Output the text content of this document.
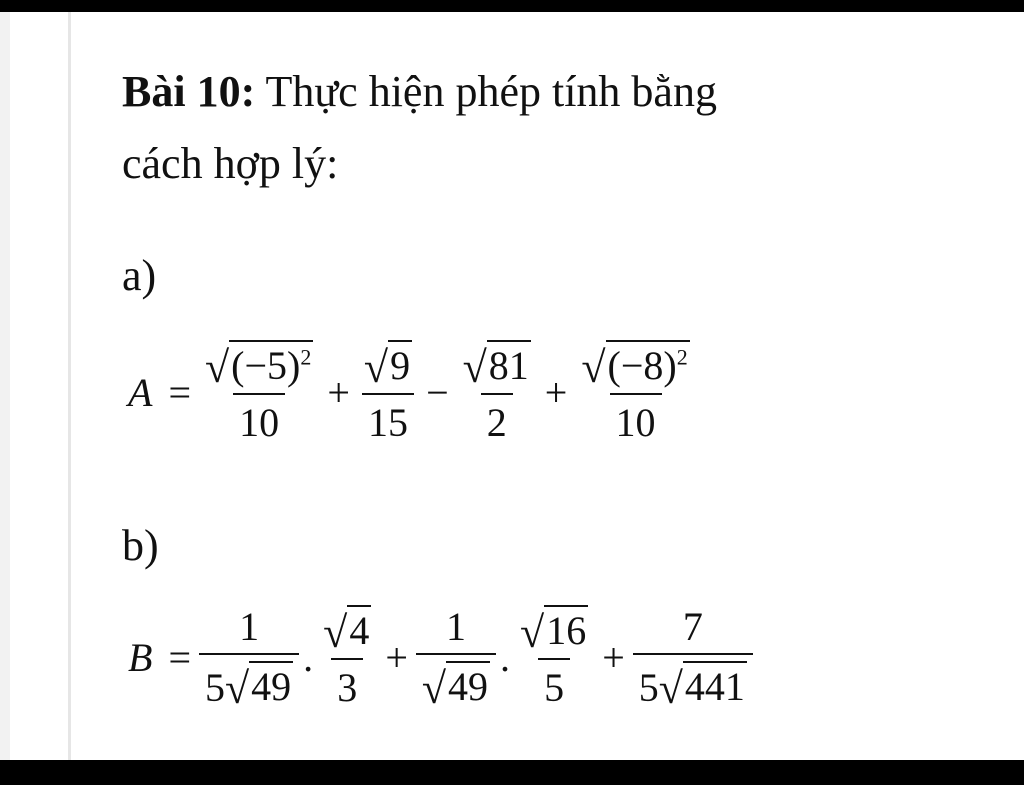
Bài 10: Thực hiện phép tính bằng
cách hợp lý:
a)
$A = \frac{√ (-5)^2}{10} + \frac{√ 9}{15} - \frac{√ 81}{2} + \frac{√ (-8)^2}{10}$
b)
$B = \frac{1}{5 √ 49}$ . $\frac{√ 4}{3} + \frac{1}{√ 49}$ . $\frac{√ 16}{5} + \frac{7}{5 √ 441}$
